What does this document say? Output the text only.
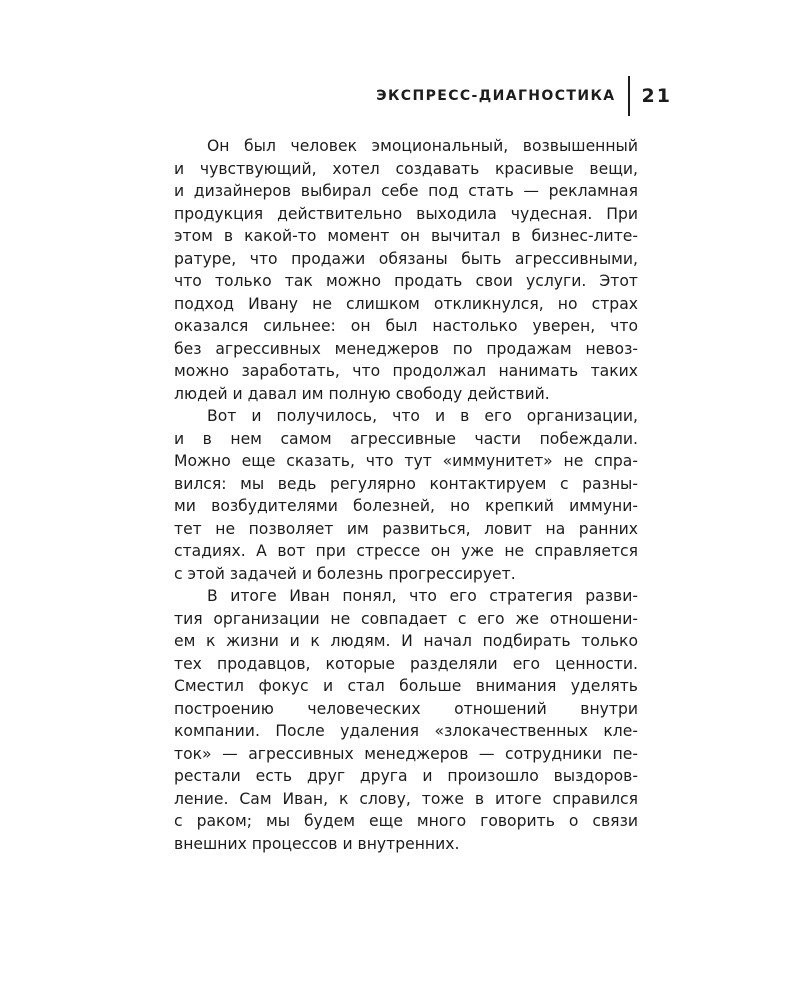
ЭКСПРЕСС-ДИАГНОСТИКА	21
Он был человек эмоциональный, возвышенный
и чувствующий, хотел создавать красивые вещи,
и дизайнеров выбирал себе под стать — рекламная
продукция действительно выходила чудесная. При
этом в какой-то момент он вычитал в бизнес-лите-
ратуре, что продажи обязаны быть агрессивными,
что только так можно продать свои услуги. Этот
подход Ивану не слишком откликнулся, но страх
оказался сильнее: он был настолько уверен, что
без агрессивных менеджеров по продажам невоз-
можно заработать, что продолжал нанимать таких
людей и давал им полную свободу действий.
Вот и получилось, что и в его организации,
и в нем самом агрессивные части побеждали.
Можно еще сказать, что тут «иммунитет» не спра-
вился: мы ведь регулярно контактируем с разны-
ми возбудителями болезней, но крепкий иммуни-
тет не позволяет им развиться, ловит на ранних
стадиях. А вот при стрессе он уже не справляется
с этой задачей и болезнь прогрессирует.
В итоге Иван понял, что его стратегия разви-
тия организации не совпадает с его же отношени-
ем к жизни и к людям. И начал подбирать только
тех продавцов, которые разделяли его ценности.
Сместил фокус и стал больше внимания уделять
построению человеческих отношений внутри
компании. После удаления «злокачественных кле-
ток» — агрессивных менеджеров — сотрудники пе-
рестали есть друг друга и произошло выздоров-
ление. Сам Иван, к слову, тоже в итоге справился
с раком; мы будем еще много говорить о связи
внешних процессов и внутренних.
